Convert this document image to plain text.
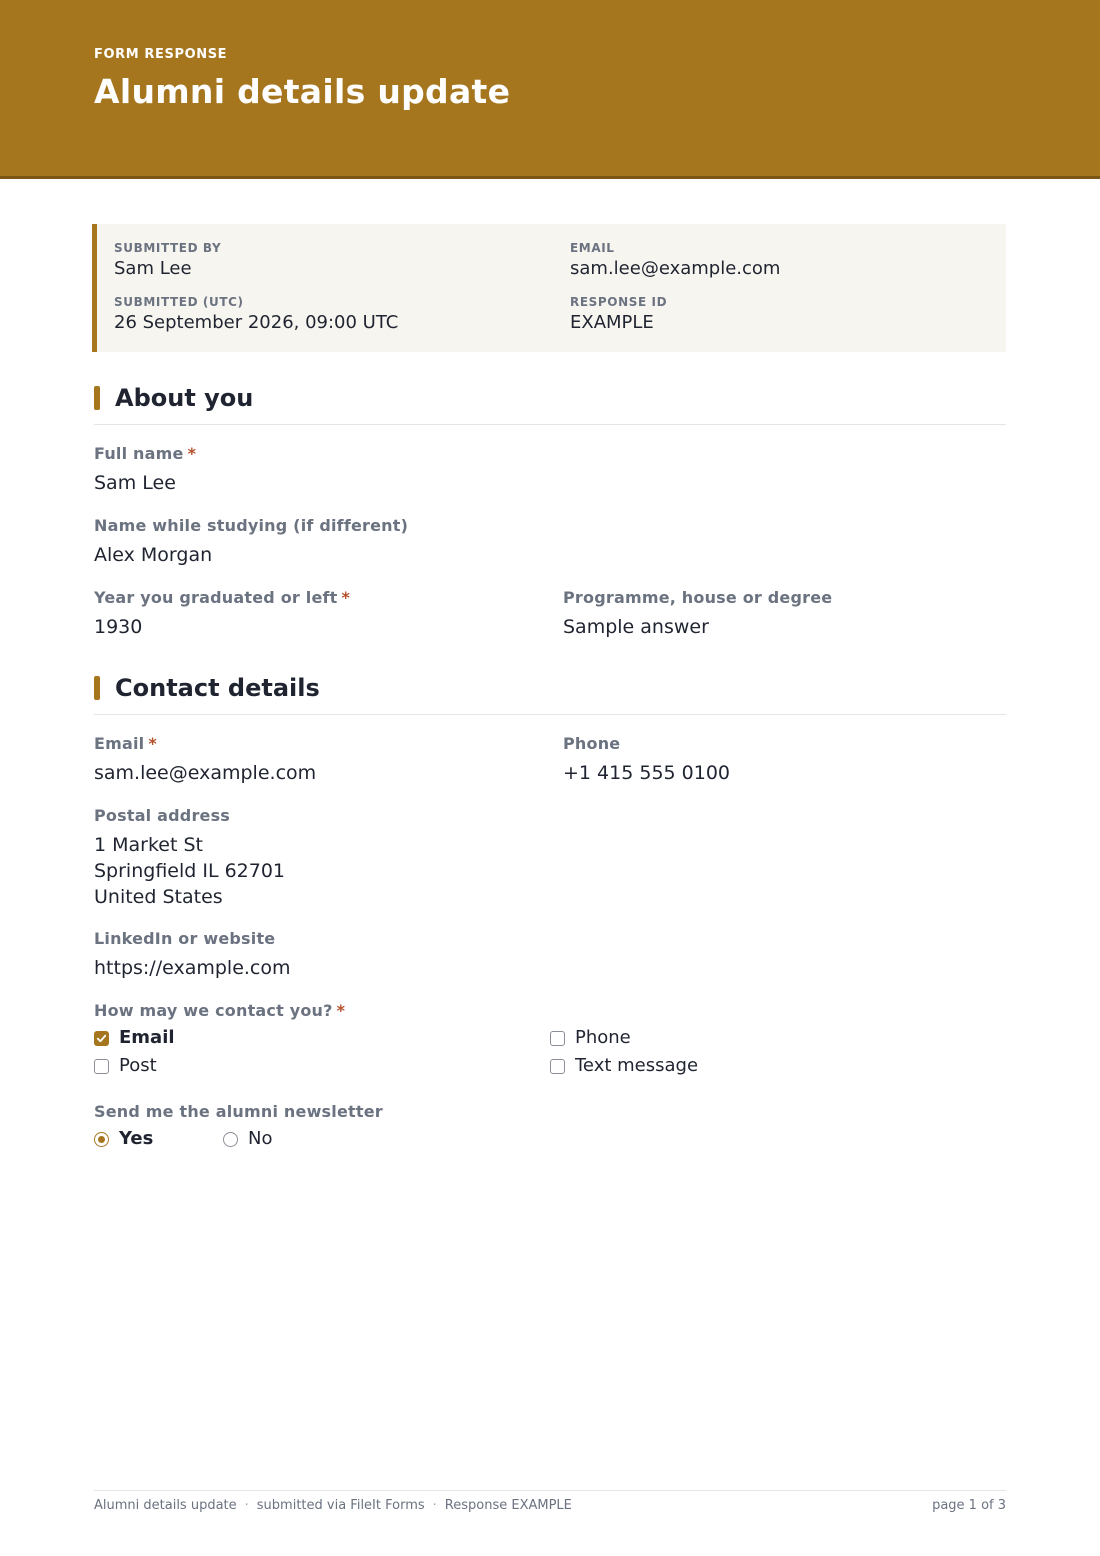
FORM RESPONSE
Alumni details update
SUBMITTED BY
Sam Lee
EMAIL
sam.lee@example.com
SUBMITTED (UTC)
26 September 2026, 09:00 UTC
RESPONSE ID
EXAMPLE
About you
Full name *
Sam Lee
Name while studying (if different)
Alex Morgan
Year you graduated or left *
1930
Programme, house or degree
Sample answer
Contact details
Email *
sam.lee@example.com
Phone
+1 415 555 0100
Postal address
1 Market St
Springfield IL 62701
United States
LinkedIn or website
https://example.com
How may we contact you? *
Email	Phone
Post	Text message
Send me the alumni newsletter
Yes	No
Alumni details update · submitted via FileIt Forms · Response EXAMPLE	page 1 of 3
